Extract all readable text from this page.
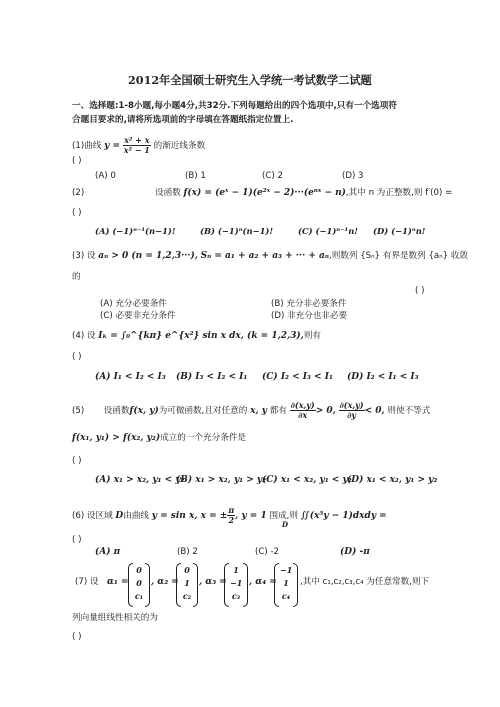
2012年全国硕士研究生入学统一考试数学二试题
一、选择题:1-8小题,每小题4分,共32分.下列每题给出的四个选项中,只有一个选项符
合题目要求的,请将所选项前的字母填在答题纸指定位置上.
(1)曲线 $y = \frac{\text{x² + x}}{\text{x² − 1}}$ 的渐近线条数
( )
(A) 0	(B) 1	(C) 2	(D) 3
(2)	设函数 f(x) = (eˣ − 1)(e²ˣ − 2)···(eⁿˣ − n),其中 n 为正整数,则 f′(0) =
( )
(A) (−1)ⁿ⁻¹(n−1)!	(B) (−1)ⁿ(n−1)!	(C) (−1)ⁿ⁻¹n! (D) (−1)ⁿn!
(3) 设 aₙ > 0 (n = 1,2,3···), Sₙ = a₁ + a₂ + a₃ + ··· + aₙ,则数列 {Sₙ} 有界是数列 {aₙ} 收敛
的
( )
(A) 充分必要条件	(B) 充分非必要条件
(C) 必要非充分条件	(D) 非充分也非必要
(4) 设 Iₖ = ∫₀^{kπ} e^{x²} sin x dx, (k = 1,2,3),则有
( )
(A) I₁ < I₂ < I₃ (B) I₃ < I₂ < I₁ (C) I₂ < I₃ < I₁ (D) I₂ < I₁ < I₃
(5) 设函数f(x, y)为可微函数,且对任意的 x, y 都有 $\frac{\partial(x,y)}{\partial x} > 0$, $\frac{\partial(x,y)}{\partial y} < 0$, 则使不等式
f(x₁, y₁) > f(x₂, y₂)成立的一个充分条件是
( )
(A) x₁ > x₂, y₁ < y₂
(B) x₁ > x₂, y₁ > y₂
(C) x₁ < x₂, y₁ < y₂
(D) x₁ < x₂, y₁ > y₂
(6) 设区域 D由曲线 y = sin x, x = ± $\frac{\pi}{2}$ , y = 1 围成,则 ∬(x⁵y − 1)dxdy =
D
( )
(A) π	(B) 2	(C) -2	(D) -π
(7) 设 α₁ =
0
0
c₁
, α₂ =
0
1
c₂
, α₃ =
1
−1
c₃
, α₄ =
−1
1
c₄
,其中 c₁,c₂,c₃,c₄ 为任意常数,则下
列向量组线性相关的为
( )
